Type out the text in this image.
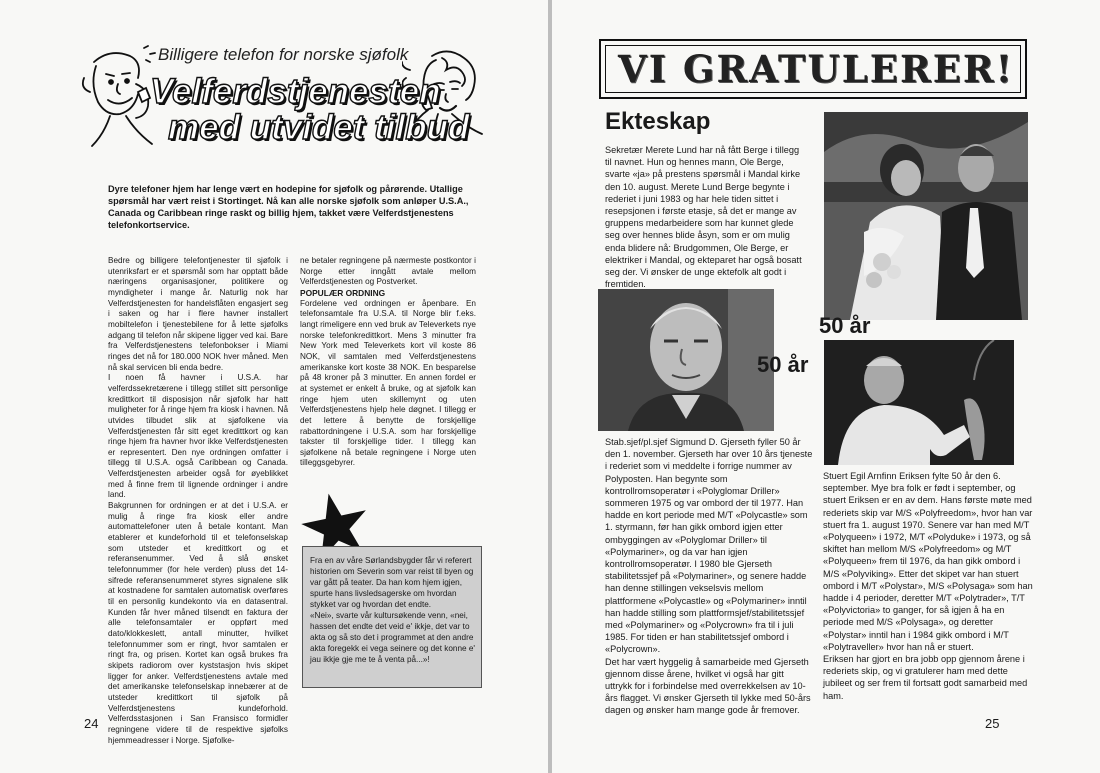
Billigere telefon for norske sjøfolk
Velferdstjenesten
med utvidet tilbud
Dyre telefoner hjem har lenge vært en hodepine for sjøfolk og pårørende. Utallige spørsmål har vært reist i Stortinget. Nå kan alle norske sjøfolk som anløper U.S.A., Canada og Caribbean ringe raskt og billig hjem, takket være Velferdstjenestens telefonkortservice.

Bedre og billigere telefontjenester til sjøfolk i utenriksfart er et spørsmål som har opptatt både næringens organisasjoner, politikere og myndigheter i mange år. Naturlig nok har Velferdstjenesten for handelsflåten engasjert seg i saken og har i flere havner installert mobiltelefon i tjenestebilene for å lette sjøfolks adgang til telefon når skipene ligger ved kai. Bare fra Velferdstjenestens telefonbokser i Miami ringes det nå for 180.000 NOK hver måned. Men nå skal servicen bli enda bedre.
I noen få havner i U.S.A. har velferdssekretærene i tillegg stillet sitt personlige kredittkort til disposisjon når sjøfolk har hatt muligheter for å ringe hjem fra kiosk i havnen. Nå utvides tilbudet slik at sjøfolkene via Velferdstjenesten får sitt eget kredittkort og kan ringe hjem fra havner hvor ikke Velferdstjenesten er representert. Den nye ordningen omfatter i tillegg til U.S.A. også Caribbean og Canada. Velferdstjenesten arbeider også for øyeblikket med å finne frem til lignende ordninger i andre land.
Bakgrunnen for ordningen er at det i U.S.A. er mulig å ringe fra kiosk eller andre automattelefoner uten å betale kontant. Man etablerer et kundeforhold til et telefonselskap som utsteder et kredittkort og et referansenummer. Ved å slå ønsket telefonnummer (for hele verden) pluss det 14-sifrede referansenummeret styres signalene slik at kostnadene for samtalen automatisk overføres til en personlig kundekonto via en datasentral. Kunden får hver måned tilsendt en faktura der alle telefonsamtaler er oppført med dato/klokkeslett, antall minutter, hvilket telefonnummer som er ringt, hvor samtalen er ringt fra, og prisen. Kortet kan også brukes fra skipets radiorom over kyststasjon hvis skipet ligger for anker. Velferdstjenestens avtale med det amerikanske telefonselskap innebærer at de utsteder kredittkort til sjøfolk på Velferdstjenestens kundeforhold. Velferdsstasjonen i San Fransisco formidler regningene videre til de respektive sjøfolks hjemmeadresser i Norge. Sjøfolke-

ne betaler regningene på nærmeste postkontor i Norge etter inngått avtale mellom Velferdstjenesten og Postverket.

POPULÆR ORDNING

Fordelene ved ordningen er åpenbare. En telefonsamtale fra U.S.A. til Norge blir f.eks. langt rimeligere enn ved bruk av Televerkets nye norske telefonkredittkort. Mens 3 minutter fra New York med Televerkets kort vil koste 86 NOK, vil samtalen med Velferdstjenestens amerikanske kort koste 38 NOK. En besparelse på 48 kroner på 3 minutter. En annen fordel er at systemet er enkelt å bruke, og at sjøfolk kan ringe hjem uten skillemynt og uten Velferdstjenestens hjelp hele døgnet. I tillegg er det lettere å benytte de forskjellige rabattordningene i U.S.A. som har forskjellige takster til forskjellige tider. I tillegg kan sjøfolkene nå betale regningene i Norge uten tilleggsgebyrer.

Fra en av våre Sørlandsbygder får vi referert historien om Severin som var reist til byen og var gått på teater. Da han kom hjem igjen, spurte hans livsledsagerske om hvordan stykket var og hvordan det endte.
«Nei», svarte vår kultursøkende venn, «nei, hassen det endte det veid e' ikkje, det var to akta og så sto det i programmet at den andre akta foregekk ei vega seinere og det konne e' jau ikkje gje me te å venta på...»!

24
VI GRATULERER!
Ekteskap
Sekretær Merete Lund har nå fått Berge i tillegg til navnet. Hun og hennes mann, Ole Berge, svarte «ja» på prestens spørsmål i Mandal kirke den 10. august. Merete Lund Berge begynte i rederiet i juni 1983 og har hele tiden sittet i resepsjonen i første etasje, så det er mange av gruppens medarbeidere som har kunnet glede seg over hennes blide åsyn, som er om mulig enda blidere nå: Brudgommen, Ole Berge, er elektriker i Mandal, og ekteparet har også bosatt seg der. Vi ønsker de unge ektefolk alt godt i fremtiden.
50 år
50 år
Stab.sjef/pl.sjef Sigmund D. Gjerseth fyller 50 år den 1. november. Gjerseth har over 10 års tjeneste i rederiet som vi meddelte i forrige nummer av Polyposten. Han begynte som kontrollromsoperatør i «Polyglomar Driller» sommeren 1975 og var ombord der til 1977. Han hadde en kort periode med M/T «Polycastle» som 1. styrmann, før han gikk ombord igjen etter ombyggingen av «Polyglomar Driller» til «Polymariner», og da var han igjen kontrollromsoperatør. I 1980 ble Gjerseth stabilitetssjef på «Polymariner», og senere hadde han denne stillingen vekselsvis mellom plattformene «Polycastle» og «Polymariner» inntil han hadde stilling som plattformsjef/stabilitetssjef med «Polymariner» og «Polycrown» fra til i juli 1985. For tiden er han stabilitetssjef ombord i «Polycrown».
Det har vært hyggelig å samarbeide med Gjerseth gjennom disse årene, hvilket vi også har gitt uttrykk for i forbindelse med overrekkelsen av 10-års flagget. Vi ønsker Gjerseth til lykke med 50-års dagen og ønsker ham mange gode år fremover.
Stuert Egil Arnfinn Eriksen fylte 50 år den 6. september. Mye bra folk er født i september, og stuert Eriksen er en av dem. Hans første møte med rederiets skip var M/S «Polyfreedom», hvor han var stuert fra 1. august 1970. Senere var han med M/T «Polyqueen» i 1972, M/T «Polyduke» i 1973, og så skiftet han mellom M/S «Polyfreedom» og M/T «Polyqueen» frem til 1976, da han gikk ombord i M/S «Polyviking». Etter det skipet var han stuert ombord i M/T «Polystar», M/S «Polysaga» som han hadde i 4 perioder, deretter M/T «Polytrader», T/T «Polyvictoria» to ganger, for så igjen å ha en periode med M/S «Polysaga», og deretter «Polystar» inntil han i 1984 gikk ombord i M/T «Polytraveller» hvor han nå er stuert.
Eriksen har gjort en bra jobb opp gjennom årene i rederiets skip, og vi gratulerer ham med dette jubileet og ser frem til fortsatt godt samarbeid med ham.
25
